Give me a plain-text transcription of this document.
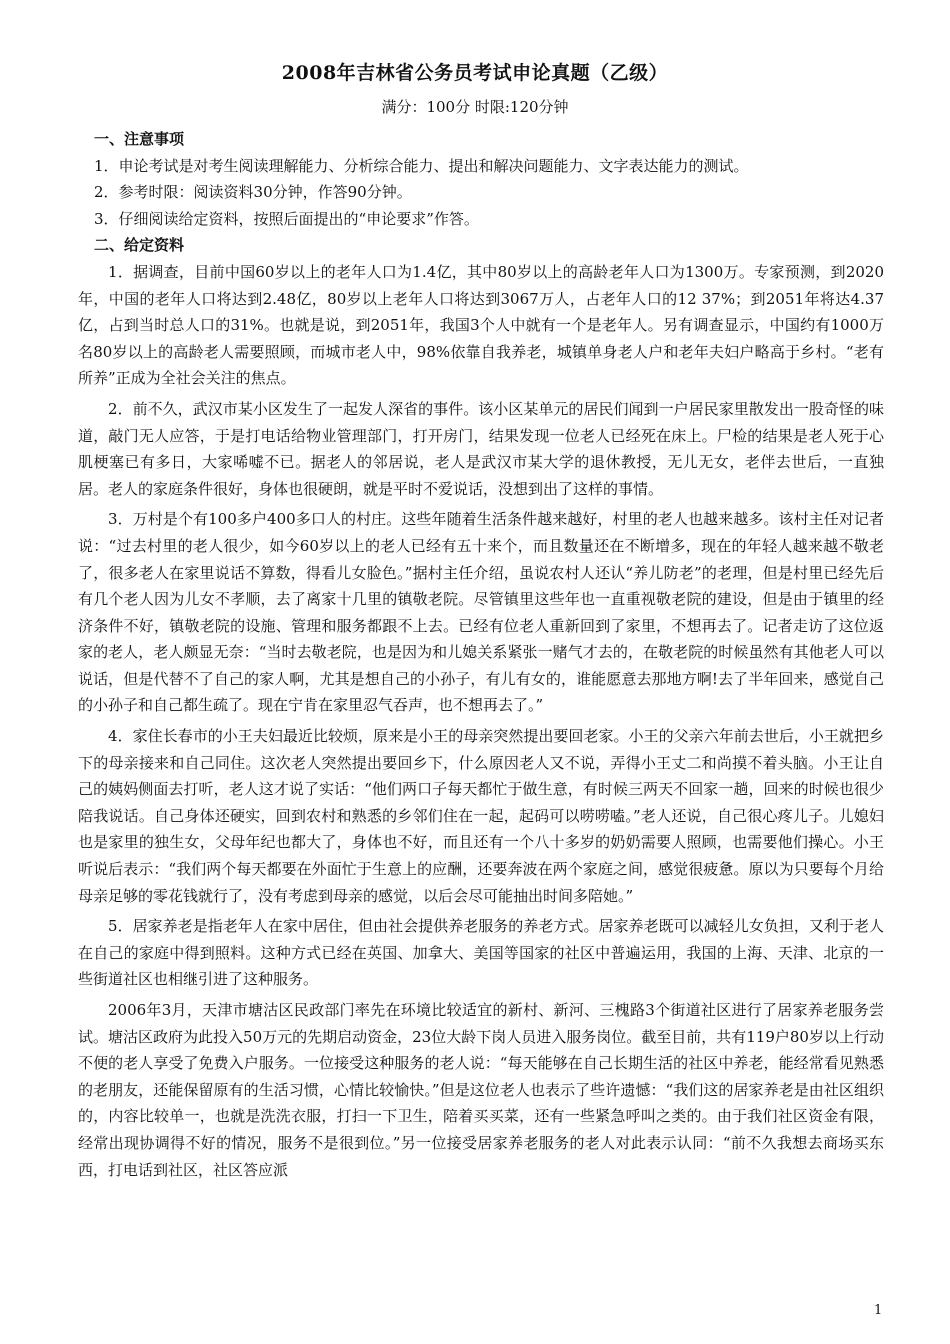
2008年吉林省公务员考试申论真题（乙级）
满分：100分 时限:120分钟

一、注意事项

1．申论考试是对考生阅读理解能力、分析综合能力、提出和解决问题能力、文字表达能力的测试。

2．参考时限：阅读资料30分钟，作答90分钟。

3．仔细阅读给定资料，按照后面提出的“申论要求”作答。

二、给定资料

1．据调查，目前中国60岁以上的老年人口为1.4亿，其中80岁以上的高龄老年人口为1300万。专家预测，到2020年，中国的老年人口将达到2.48亿，80岁以上老年人口将达到3067万人，占老年人口的12 37%；到2051年将达4.37亿，占到当时总人口的31%。也就是说，到2051年，我国3个人中就有一个是老年人。另有调查显示，中国约有1000万名80岁以上的高龄老人需要照顾，而城市老人中，98%依靠自我养老，城镇单身老人户和老年夫妇户略高于乡村。“老有所养”正成为全社会关注的焦点。

2．前不久，武汉市某小区发生了一起发人深省的事件。该小区某单元的居民们闻到一户居民家里散发出一股奇怪的味道，敲门无人应答，于是打电话给物业管理部门，打开房门，结果发现一位老人已经死在床上。尸检的结果是老人死于心肌梗塞已有多日，大家唏嘘不已。据老人的邻居说，老人是武汉市某大学的退休教授，无儿无女，老伴去世后，一直独居。老人的家庭条件很好，身体也很硬朗，就是平时不爱说话，没想到出了这样的事情。

3．万村是个有100多户400多口人的村庄。这些年随着生活条件越来越好，村里的老人也越来越多。该村主任对记者说：“过去村里的老人很少，如今60岁以上的老人已经有五十来个，而且数量还在不断增多，现在的年轻人越来越不敬老了，很多老人在家里说话不算数，得看儿女脸色。”据村主任介绍，虽说农村人还认“养儿防老”的老理，但是村里已经先后有几个老人因为儿女不孝顺，去了离家十几里的镇敬老院。尽管镇里这些年也一直重视敬老院的建设，但是由于镇里的经济条件不好，镇敬老院的设施、管理和服务都跟不上去。已经有位老人重新回到了家里，不想再去了。记者走访了这位返家的老人，老人颇显无奈：“当时去敬老院，也是因为和儿媳关系紧张一赌气才去的，在敬老院的时候虽然有其他老人可以说话，但是代替不了自己的家人啊，尤其是想自己的小孙子，有儿有女的，谁能愿意去那地方啊!去了半年回来，感觉自己的小孙子和自己都生疏了。现在宁肯在家里忍气吞声，也不想再去了。”

4．家住长春市的小王夫妇最近比较烦，原来是小王的母亲突然提出要回老家。小王的父亲六年前去世后，小王就把乡下的母亲接来和自己同住。这次老人突然提出要回乡下，什么原因老人又不说，弄得小王丈二和尚摸不着头脑。小王让自己的姨妈侧面去打听，老人这才说了实话：“他们两口子每天都忙于做生意，有时候三两天不回家一趟，回来的时候也很少陪我说话。自己身体还硬实，回到农村和熟悉的乡邻们住在一起，起码可以唠唠嗑。”老人还说，自己很心疼儿子。儿媳妇也是家里的独生女，父母年纪也都大了，身体也不好，而且还有一个八十多岁的奶奶需要人照顾，也需要他们操心。小王听说后表示：“我们两个每天都要在外面忙于生意上的应酬，还要奔波在两个家庭之间，感觉很疲惫。原以为只要每个月给母亲足够的零花钱就行了，没有考虑到母亲的感觉，以后会尽可能抽出时间多陪她。”

5．居家养老是指老年人在家中居住，但由社会提供养老服务的养老方式。居家养老既可以减轻儿女负担，又利于老人在自己的家庭中得到照料。这种方式已经在英国、加拿大、美国等国家的社区中普遍运用，我国的上海、天津、北京的一些街道社区也相继引进了这种服务。

2006年3月，天津市塘沽区民政部门率先在环境比较适宜的新村、新河、三槐路3个街道社区进行了居家养老服务尝试。塘沽区政府为此投入50万元的先期启动资金，23位大龄下岗人员进入服务岗位。截至目前，共有119户80岁以上行动不便的老人享受了免费入户服务。一位接受这种服务的老人说：“每天能够在自己长期生活的社区中养老，能经常看见熟悉的老朋友，还能保留原有的生活习惯，心情比较愉快。”但是这位老人也表示了些许遗憾：“我们这的居家养老是由社区组织的，内容比较单一，也就是洗洗衣服，打扫一下卫生，陪着买买菜，还有一些紧急呼叫之类的。由于我们社区资金有限，经常出现协调得不好的情况，服务不是很到位。”另一位接受居家养老服务的老人对此表示认同：“前不久我想去商场买东西，打电话到社区，社区答应派

1
